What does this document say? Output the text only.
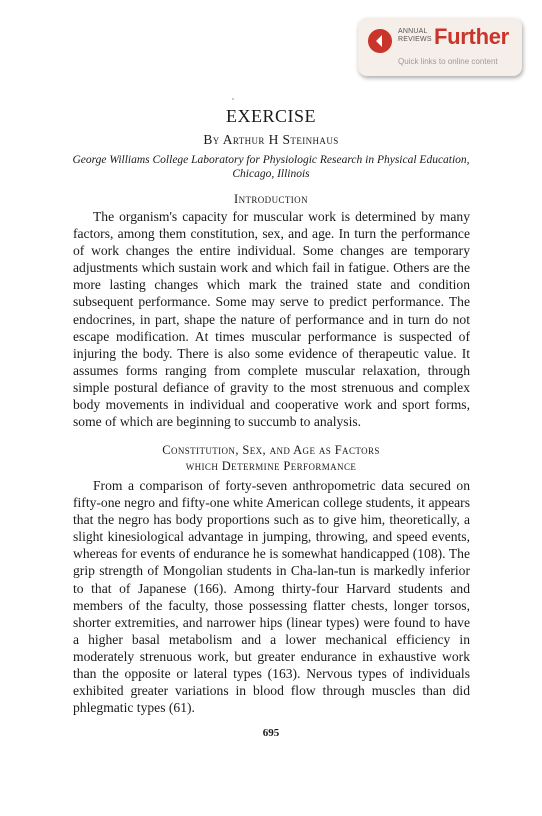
ANNUAL
REVIEWS Further
Quick links to online content
EXERCISE
By Arthur H Steinhaus
George Williams College Laboratory for Physiologic Research in Physical Education,
Chicago, Illinois
Introduction

The organism's capacity for muscular work is determined by many factors, among them constitution, sex, and age. In turn the performance of work changes the entire individual. Some changes are temporary adjustments which sustain work and which fail in fatigue. Others are the more lasting changes which mark the trained state and condition subsequent performance. Some may serve to predict performance. The endocrines, in part, shape the nature of performance and in turn do not escape modification. At times muscular performance is suspected of injuring the body. There is also some evidence of therapeutic value. It assumes forms ranging from complete muscular relaxation, through simple postural defiance of gravity to the most strenuous and complex body movements in individual and cooperative work and sport forms, some of which are beginning to succumb to analysis.

Constitution, Sex, and Age as Factors
which Determine Performance

From a comparison of forty-seven anthropometric data secured on fifty-one negro and fifty-one white American college students, it appears that the negro has body proportions such as to give him, theoretically, a slight kinesiological advantage in jumping, throwing, and speed events, whereas for events of endurance he is somewhat handicapped (108). The grip strength of Mongolian students in Cha-lan-tun is markedly inferior to that of Japanese (166). Among thirty-four Harvard students and members of the faculty, those possessing flatter chests, longer torsos, shorter extremities, and narrower hips (linear types) were found to have a higher basal metabolism and a lower mechanical efficiency in moderately strenuous work, but greater endurance in exhaustive work than the opposite or lateral types (163). Nervous types of individuals exhibited greater variations in blood flow through muscles than did phlegmatic types (61).

695
